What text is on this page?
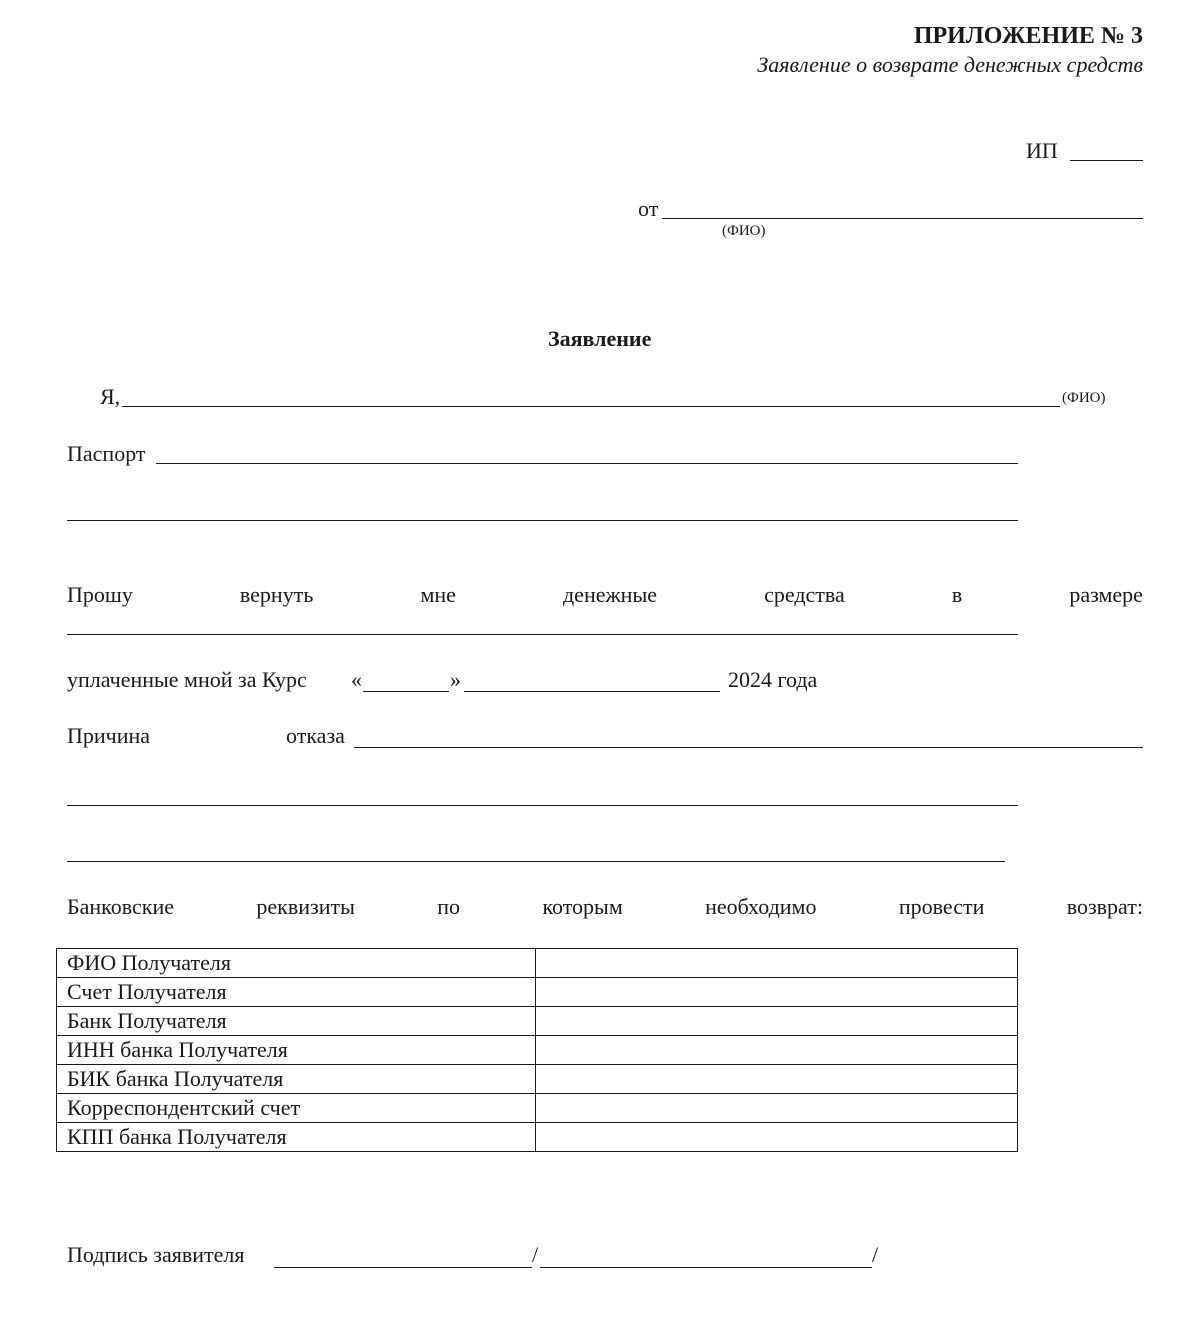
ПРИЛОЖЕНИЕ № 3
Заявление о возврате денежных средств
ИП
от
(ФИО)
Заявление
Я,	(ФИО)
Паспорт
Прошу	вернуть	мне	денежные	средства	в	размере
уплаченные мной за Курс «	»	2024 года
Причина	отказа
Банковские	реквизиты	по	которым	необходимо	провести	возврат:
ФИО Получателя	
Счет Получателя	
Банк Получателя	
ИНН банка Получателя	
БИК банка Получателя	
Корреспондентский счет	
КПП банка Получателя	
Подпись заявителя	/	/
